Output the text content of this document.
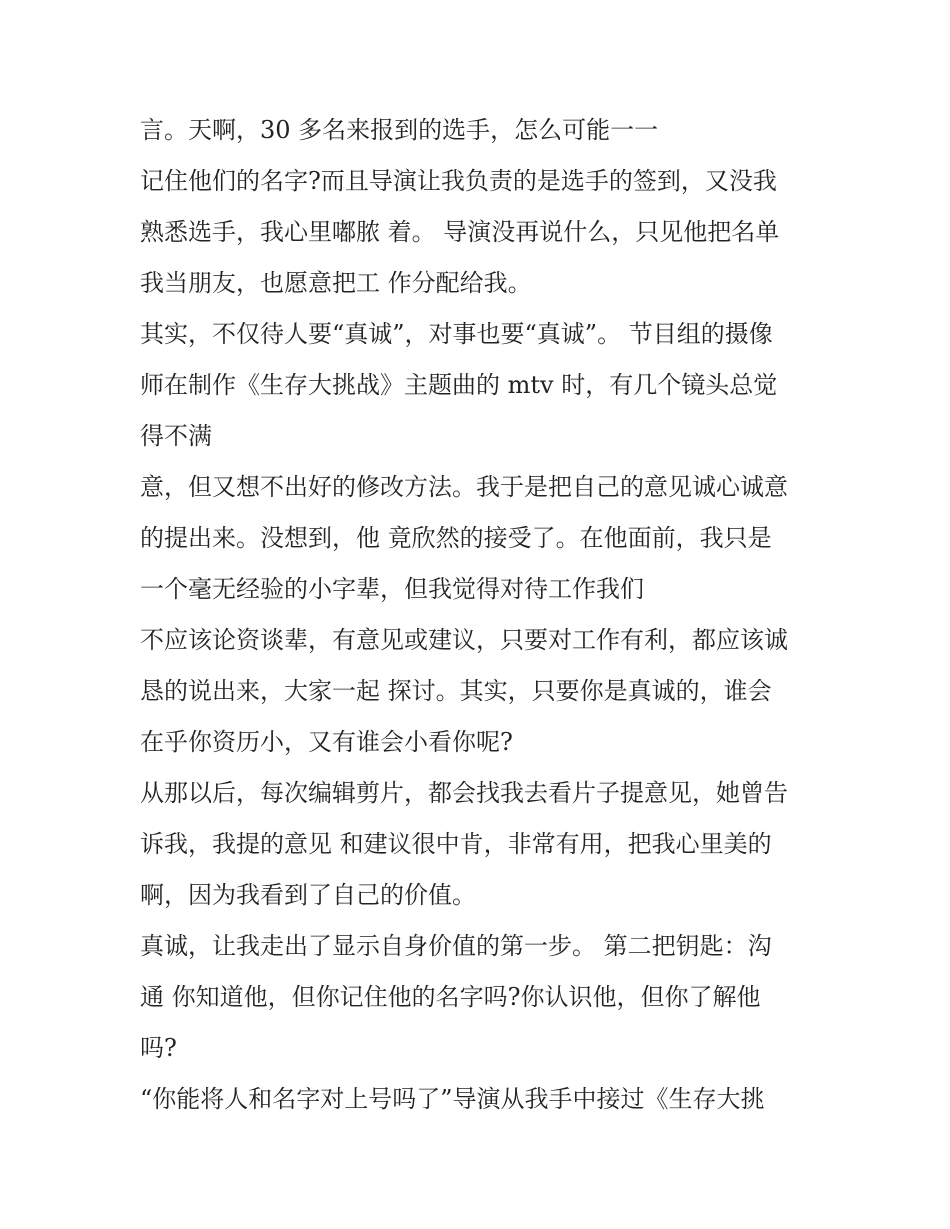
言。天啊，30 多名来报到的选手，怎么可能一一
记住他们的名字?而且导演让我负责的是选手的签到，又没我
熟悉选手，我心里嘟脓 着。 导演没再说什么，只见他把名单
我当朋友，也愿意把工 作分配给我。
其实，不仅待人要“真诚”，对事也要“真诚”。 节目组的摄像
师在制作《生存大挑战》主题曲的 mtv 时，有几个镜头总觉
得不满
意，但又想不出好的修改方法。我于是把自己的意见诚心诚意
的提出来。没想到，他 竟欣然的接受了。在他面前，我只是
一个毫无经验的小字辈，但我觉得对待工作我们
不应该论资谈辈，有意见或建议，只要对工作有利，都应该诚
恳的说出来，大家一起 探讨。其实，只要你是真诚的，谁会
在乎你资历小，又有谁会小看你呢?
从那以后，每次编辑剪片，都会找我去看片子提意见，她曾告
诉我，我提的意见 和建议很中肯，非常有用，把我心里美的
啊，因为我看到了自己的价值。
真诚，让我走出了显示自身价值的第一步。 第二把钥匙：沟
通 你知道他，但你记住他的名字吗?你认识他，但你了解他
吗?
“你能将人和名字对上号吗了”导演从我手中接过《生存大挑
